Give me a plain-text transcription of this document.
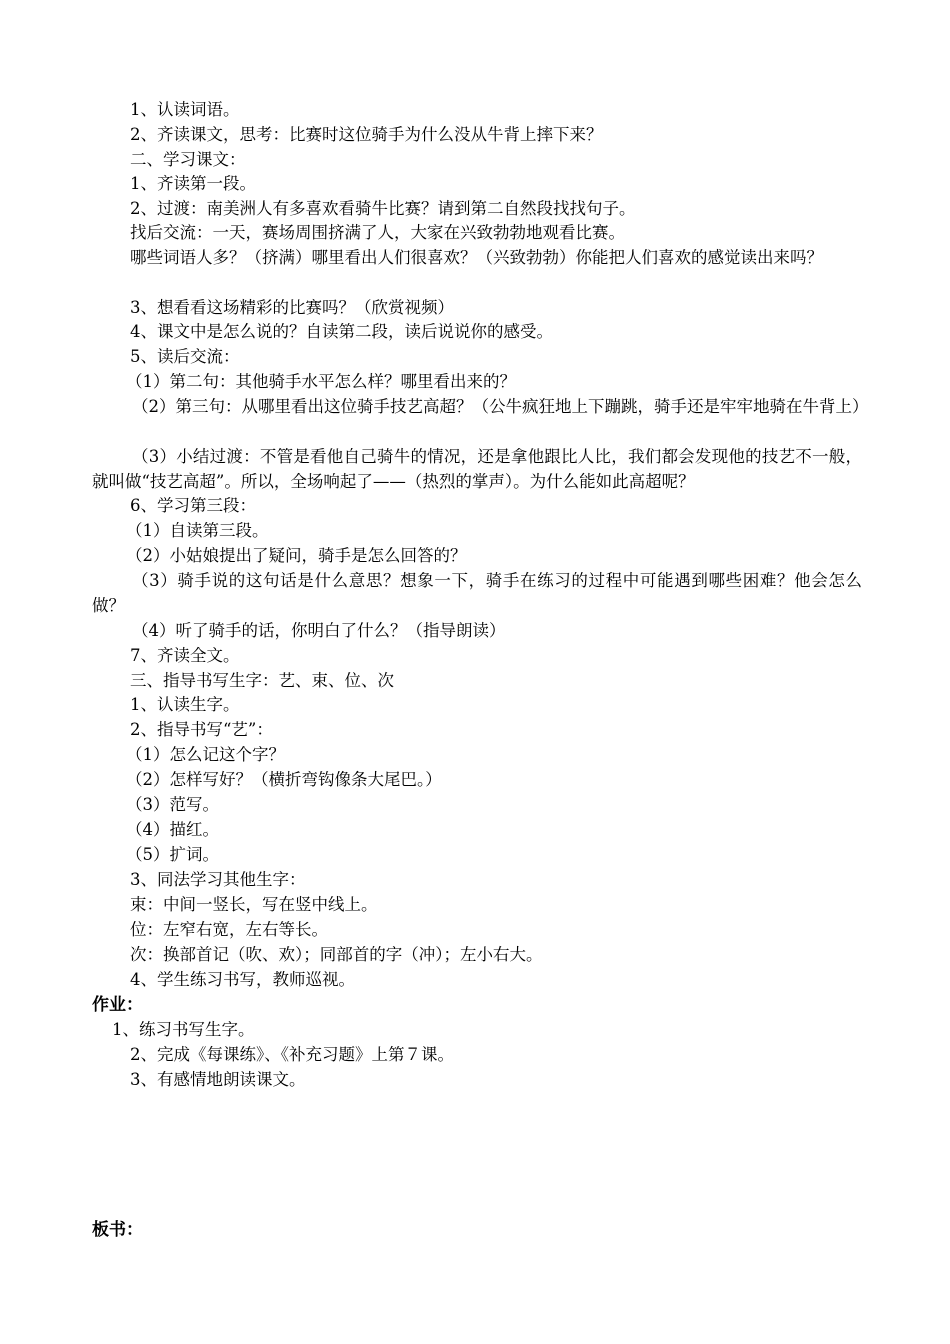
1、认读词语。
2、齐读课文，思考：比赛时这位骑手为什么没从牛背上摔下来？
二、学习课文：
1、齐读第一段。
2、过渡：南美洲人有多喜欢看骑牛比赛？请到第二自然段找找句子。
找后交流：一天，赛场周围挤满了人，大家在兴致勃勃地观看比赛。
哪些词语人多？（挤满）哪里看出人们很喜欢？（兴致勃勃）你能把人们喜欢的感觉读出来吗？
3、想看看这场精彩的比赛吗？（欣赏视频）
4、课文中是怎么说的？自读第二段，读后说说你的感受。
5、读后交流：
（1）第二句：其他骑手水平怎么样？哪里看出来的？
（2）第三句：从哪里看出这位骑手技艺高超？（公牛疯狂地上下蹦跳，骑手还是牢牢地骑在牛背上）
（3）小结过渡：不管是看他自己骑牛的情况，还是拿他跟比人比，我们都会发现他的技艺不一般，就叫做“技艺高超”。所以，全场响起了——（热烈的掌声）。为什么能如此高超呢？
6、学习第三段：
（1）自读第三段。
（2）小姑娘提出了疑问，骑手是怎么回答的？
（3）骑手说的这句话是什么意思？想象一下，骑手在练习的过程中可能遇到哪些困难？他会怎么做？
（4）听了骑手的话，你明白了什么？（指导朗读）
7、齐读全文。
三、指导书写生字：艺、束、位、次
1、认读生字。
2、指导书写“艺”：
（1）怎么记这个字？
（2）怎样写好？（横折弯钩像条大尾巴。）
（3）范写。
（4）描红。
（5）扩词。
3、同法学习其他生字：
束：中间一竖长，写在竖中线上。
位：左窄右宽，左右等长。
次：换部首记（吹、欢）；同部首的字（冲）；左小右大。
4、学生练习书写，教师巡视。
作业：
1、练习书写生字。
2、完成《每课练》、《补充习题》上第７课。
3、有感情地朗读课文。
板书：
